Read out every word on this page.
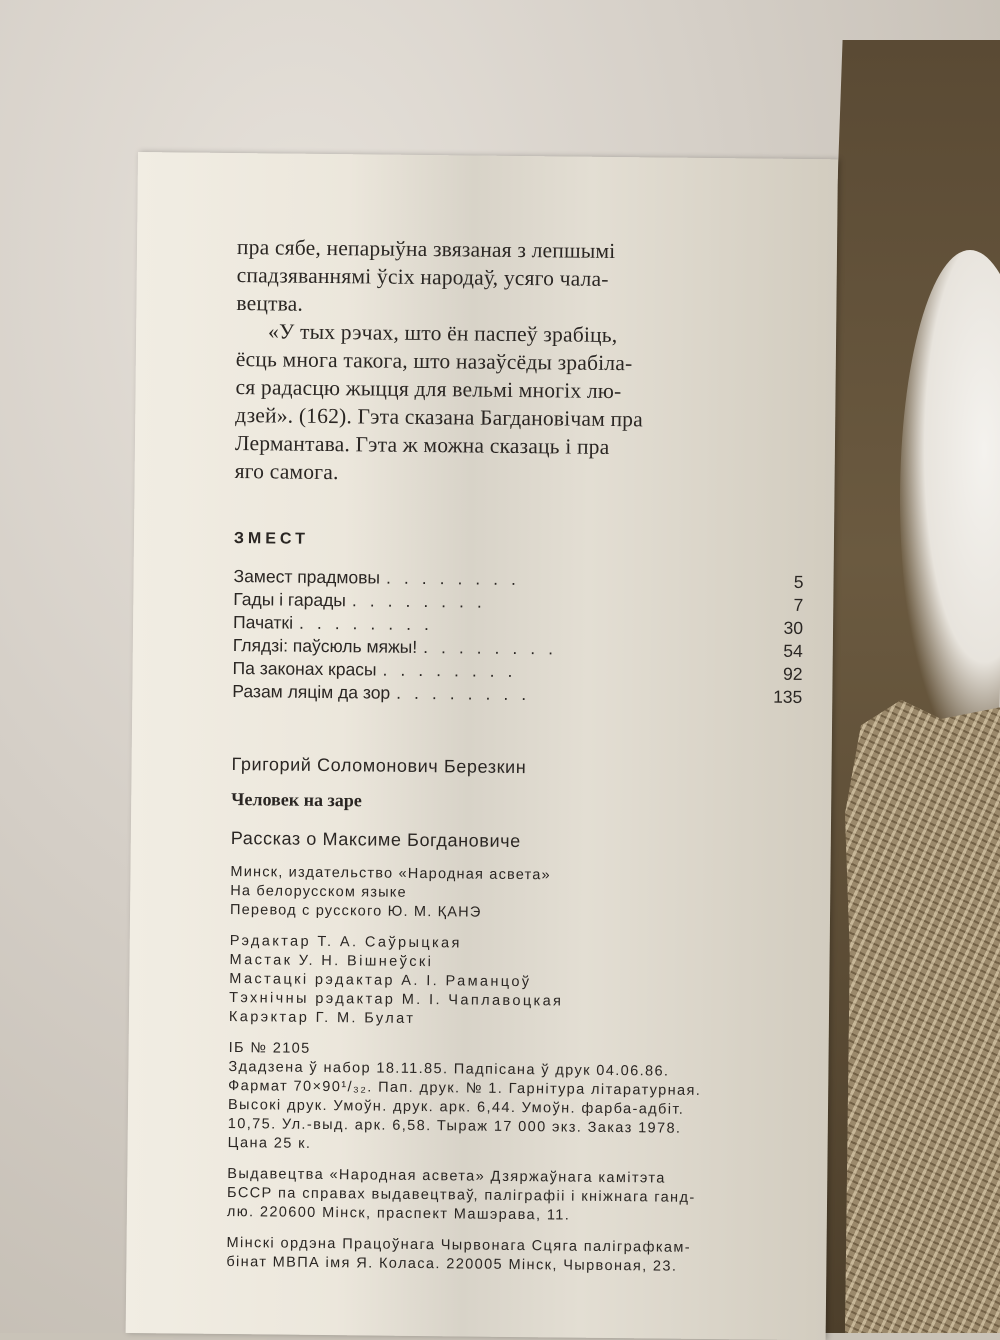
пра сябе, непарыўна звязаная з лепшымі

спадзяваннямі ўсіх народаў, усяго чала-

вецтва.

«У тых рэчах, што ён паспеў зрабіць,

ёсць многа такога, што назаўсёды зрабіла-

ся радасцю жыцця для вельмі многіх лю-

дзей». (162). Гэта сказана Багдановічам пра

Лермантава. Гэта ж можна сказаць і пра

яго самога.

ЗМЕСТ
Замест прадмовы ........	5
Гады і гарады ........	7
Пачаткі ........	30
Глядзі: паўсюль мяжы! ........	54
Па законах красы ........	92
Разам ляцім да зор ........	135
Григорий Соломонович Березкин
Человек на заре
Рассказ о Максиме Богдановиче
Минск, издательство «Народная асвета»
На белорусском языке
Перевод с русского Ю. М. ҚАНЭ
Рэдактар Т. А. Саўрыцкая
Мастак У. Н. Вішнеўскі
Мастацкі рэдактар А. І. Раманцоў
Тэхнічны рэдактар М. І. Чаплавоцкая
Карэктар Г. М. Булат
ІБ № 2105
Здадзена ў набор 18.11.85. Падпісана ў друк 04.06.86.
Фармат 70×90¹/₃₂. Пап. друк. № 1. Гарнітура літаратурная.
Высокі друк. Умоўн. друк. арк. 6,44. Умоўн. фарба-адбіт.
10,75. Ул.-выд. арк. 6,58. Тыраж 17 000 экз. Заказ 1978.
Цана 25 к.
Выдавецтва «Народная асвета» Дзяржаўнага камітэта
БССР па справах выдавецтваў, паліграфіі і кніжнага ганд-
лю. 220600 Мінск, праспект Машэрава, 11.
Мінскі ордэна Працоўнага Чырвонага Сцяга паліграфкам-
бінат МВПА імя Я. Коласа. 220005 Мінск, Чырвоная, 23.
